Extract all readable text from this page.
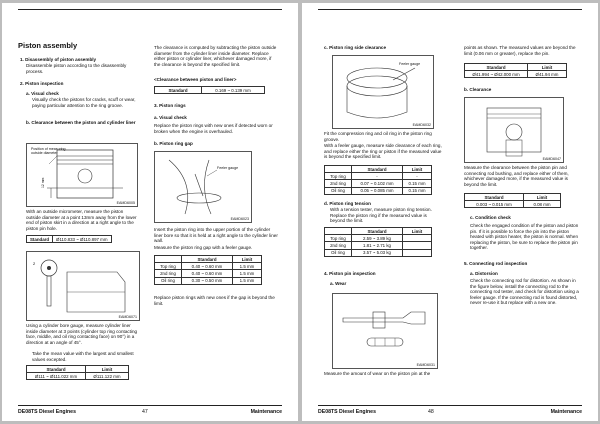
Piston assembly
1. Disassembly of piston assembly
Disassemble piston according to the disassembly process.
2. Piston inspection
a. Visual check
Visually check the pistons for cracks, scuff or wear, paying particular attention to the ring groove.
b. Clearance between the piston and cylinder liner
Position of measuring outside diameter
12 mm
EAMD6005
With an outside micrometer, measure the piston outside diameter at a point 13mm away from the lower end of piston skirt in a direction at a right angle to the piston pin hole.
Standard	Ø110.833 ~ Ø110.897 mm
2
EAMD6071
Using a cylinder bore gauge, measure cylinder liner inside diameter at 3 points (cylinder top ring contacting face, middle, and oil ring contacting face) on 90°) in a direction at an angle of 45°.
Take the mean value with the largest and smallest values excepted.
Standard	Limit
Ø111 ~ Ø111.022 mm	Ø111.122 mm
The clearance is computed by subtracting the piston outside diameter from the cylinder liner inside diameter. Replace either piston or cylinder liner, whichever damaged more, if the clearance is beyond the specified limit.
<Clearance between piston and liner>
Standard	0.169 ~ 0.139 mm
3. Piston rings
a. Visual check
Replace the piston rings with new ones if detected worn or broken when the engine is overhauled.
b. Piston ring gap
Feeler gauge
EAMD6023
Insert the piston ring into the upper portion of the cylinder liner bore so that it is held at a right angle to the cylinder liner wall.
Measure the piston ring gap with a feeler gauge.
	Standard	Limit
Top ring	0.40 ~ 0.60 mm	1.5 mm
2nd ring	0.40 ~ 0.60 mm	1.5 mm
Oil ring	0.30 ~ 0.50 mm	1.5 mm
Replace piston rings with new ones if the gap is beyond the limit.
DE08TS Diesel Engines	47	Maintenance
c. Piston ring side clearance
Feeler gauge
EAMD6032
Fit the compression ring and oil ring in the piston ring groove.
With a feeler gauge, measure side clearance of each ring, and replace either the ring or piston if the measured value is beyond the specified limit.
	Standard	Limit
Top ring	-	-
2nd ring	0.07 ~ 0.102 mm	0.15 mm
Oil ring	0.05 ~ 0.085 mm	0.15 mm
d. Piston ring tension
With a tension tester, measure piston ring tension. Replace the piston ring if the measured value is beyond the limit.
	Standard	Limit
Top ring	2.59 ~ 3.89 kg	
2nd ring	1.81 ~ 2.71 kg	
Oil ring	3.57 ~ 5.03 kg	
4. Piston pin inspection
a. Wear
EAMD6031
Measure the amount of wear on the piston pin at the
points as shown. The measured values are beyond the limit (0.06 mm or greater), replace the pin.
Standard	Limit
Ø41.994 ~ Ø42.000 mm	Ø41.94 mm
b. Clearance
EAMD6047
Measure the clearance between the piston pin and connecting rod bushing, and replace either of them, whichever damaged more, if the measured value is beyond the limit.
Standard	Limit
0.003 ~ 0.015 mm	0.08 mm
c. Condition check
Check the engaged condition of the piston and piston pin. If it is possible to force the pin into the piston heated with piston heater, the piston is normal. When replacing the piston, be sure to replace the piston pin together.
5. Connecting rod inspection
a. Distorsion
Check the connecting rod for distortion. As shown in the figure below, install the connecting rod to the connecting rod tester, and check for distortion using a feeler gauge. If the connecting rod is found distorted, never re-use it but replace with a new one.
DE08TS Diesel Engines	48	Maintenance
